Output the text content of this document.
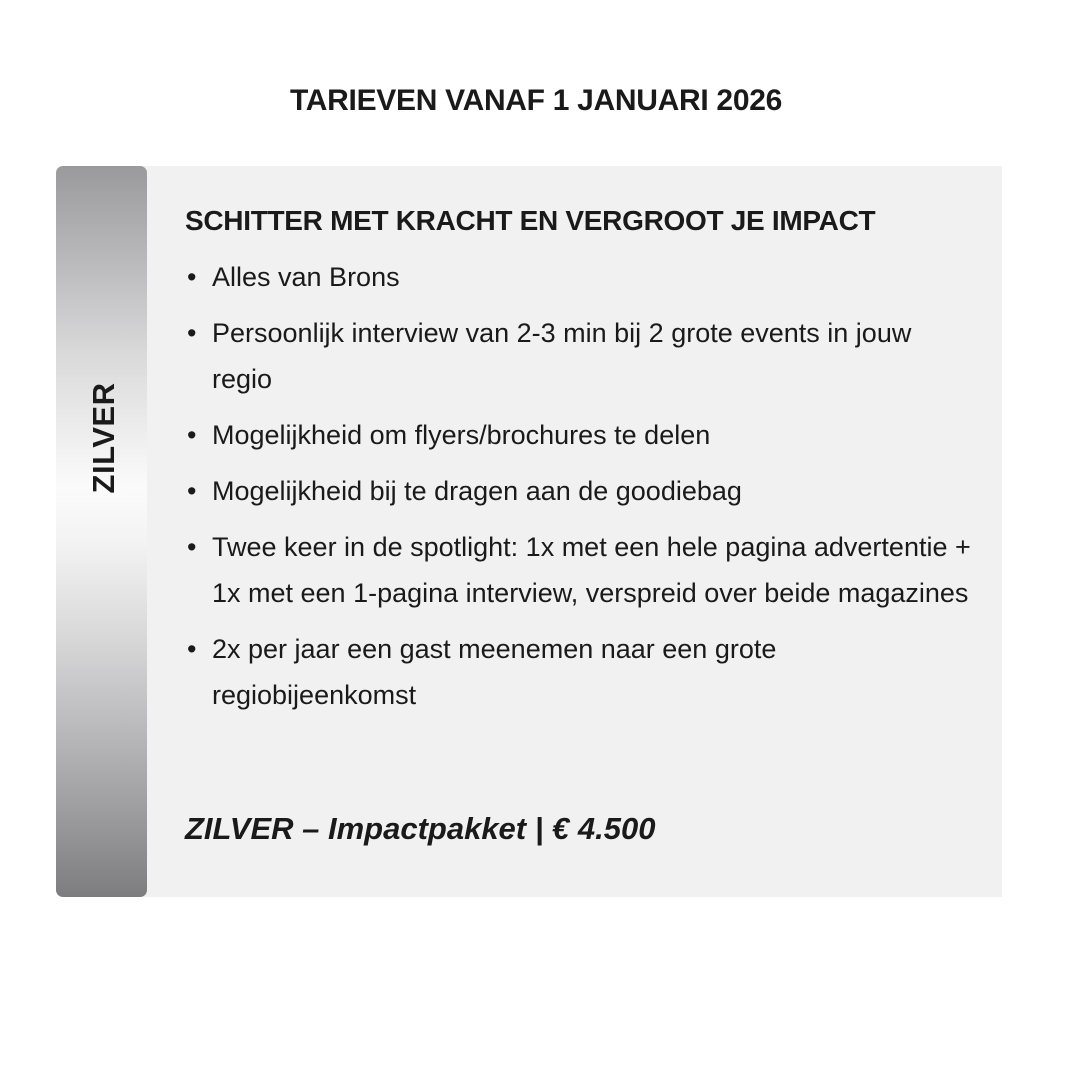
TARIEVEN VANAF 1 JANUARI 2026
ZILVER
SCHITTER MET KRACHT EN VERGROOT JE IMPACT
• Alles van Brons
• Persoonlijk interview van 2-3 min bij 2 grote events in jouw regio
• Mogelijkheid om flyers/brochures te delen
• Mogelijkheid bij te dragen aan de goodiebag
• Twee keer in de spotlight: 1x met een hele pagina advertentie + 1x met een 1-pagina interview, verspreid over beide magazines
• 2x per jaar een gast meenemen naar een grote regiobijeenkomst
ZILVER – Impactpakket | € 4.500
